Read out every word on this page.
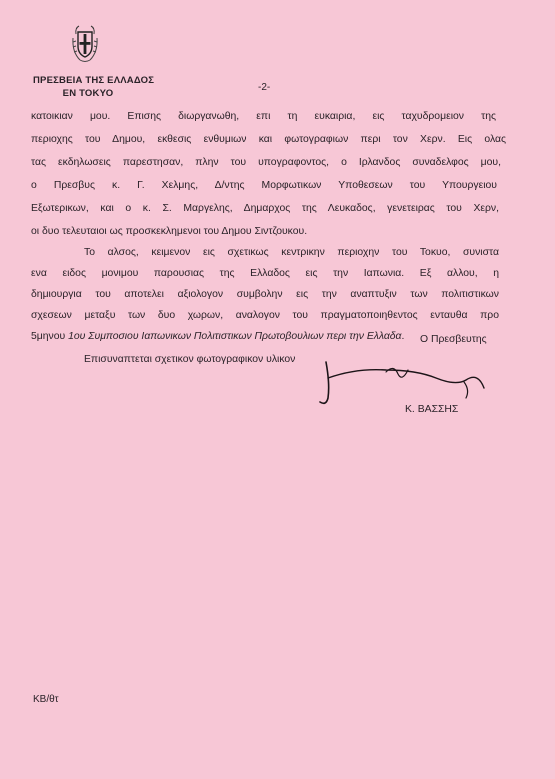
ΠΡΕΣΒΕΙΑ ΤΗΣ ΕΛΛΑΔΟΣ
ΕΝ ΤΟΚΥΟ
-2-
κατοικιαν μου. Επισης διωργανωθη, επι τη ευκαιρια, εις ταχυδρομειον της
περιοχης του Δημου, εκθεσις ενθυμιων και φωτογραφιων περι τον Χερν. Εις ολας
τας εκδηλωσεις παρεστησαν, πλην του υπογραφοντος, ο Ιρλανδος συναδελφος μου,
ο Πρεσβυς κ. Γ. Χελμης, Δ/ντης Μορφωτικων Υποθεσεων του Υπουργειου
Εξωτερικων, και ο κ. Σ. Μαργελης, Δημαρχος της Λευκαδος, γενετειρας του Χερν,
οι δυο τελευταιοι ως προσκεκλημενοι του Δημου Σιντζουκου.
Το αλσος, κειμενον εις σχετικως κεντρικην περιοχην του Τοκυο, συνιστα
ενα ειδος μονιμου παρουσιας της Ελλαδος εις την Ιαπωνια. Εξ αλλου, η
δημιουργια του αποτελει αξιολογον συμβολην εις την αναπτυξιν των πολιτιστικων
σχεσεων μεταξυ των δυο χωρων, αναλογον του πραγματοποιηθεντος ενταυθα προ
5μηνου 1ου Συμποσιου Ιαπωνικων Πολιτιστικων Πρωτοβουλιων περι την Ελλαδα.
Επισυναπτεται σχετικον φωτογραφικον υλικον
Ο Πρεσβευτης
Κ. ΒΑΣΣΗΣ
ΚΒ/θτ
